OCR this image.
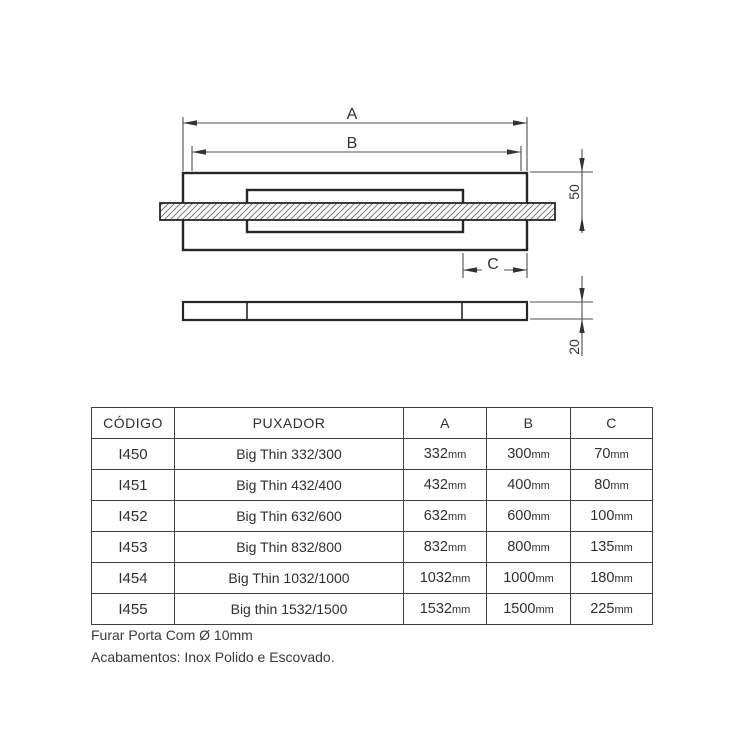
A
B
C
50
20
CÓDIGO	PUXADOR	A	B	C
I450	Big Thin 332/300	332mm	300mm	70mm
I451	Big Thin 432/400	432mm	400mm	80mm
I452	Big Thin 632/600	632mm	600mm	100mm
I453	Big Thin 832/800	832mm	800mm	135mm
I454	Big Thin 1032/1000	1032mm	1000mm	180mm
I455	Big thin 1532/1500	1532mm	1500mm	225mm
Furar Porta Com Ø 10mm
Acabamentos: Inox Polido e Escovado.
